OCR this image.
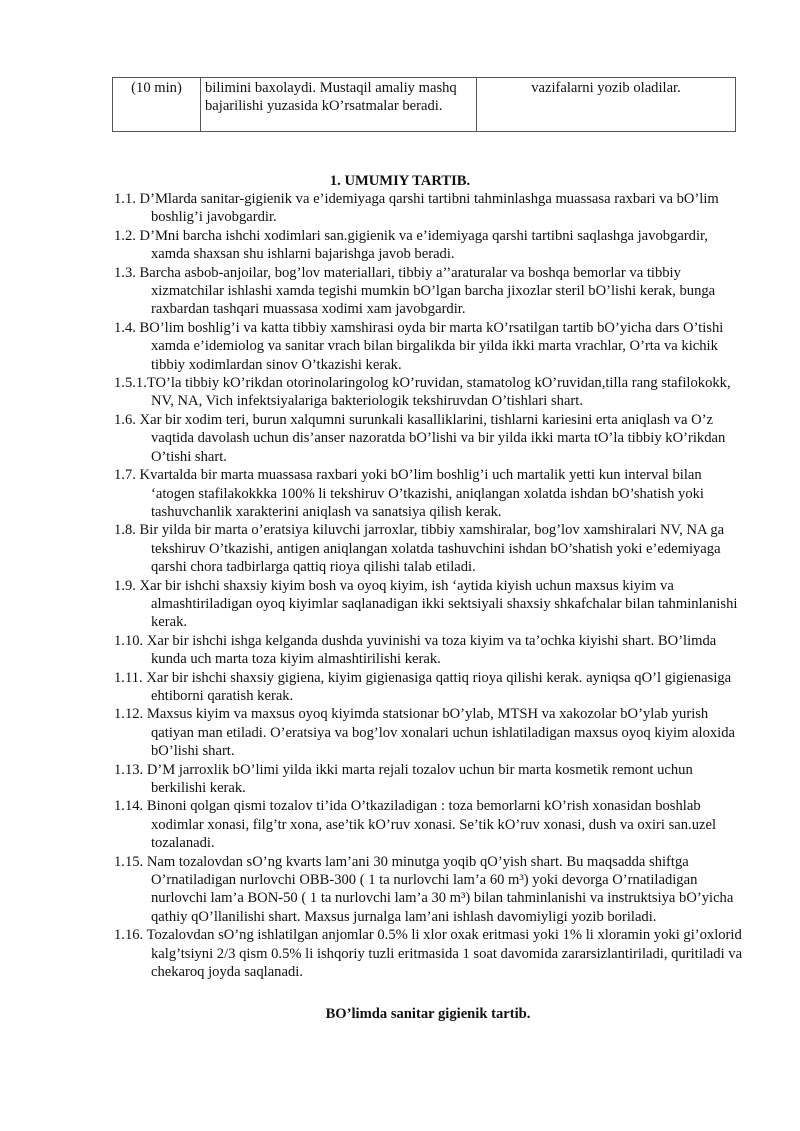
(10 min)	bilimini baxolaydi. Mustaqil amaliy mashq bajarilishi yuzasida kO’rsatmalar beradi.	vazifalarni yozib oladilar.
1. UMUMIY TARTIB.

1.1. D’Mlarda sanitar-gigienik va e’idemiyaga qarshi tartibni tahminlashga muassasa raxbari va bO’lim boshlig’i javobgardir.

1.2. D’Mni barcha ishchi xodimlari san.gigienik va e’idemiyaga qarshi tartibni saqlashga javobgardir, xamda shaxsan shu ishlarni bajarishga javob beradi.

1.3. Barcha asbob-anjoilar, bog’lov materiallari, tibbiy a’’araturalar va boshqa bemorlar va tibbiy xizmatchilar ishlashi xamda tegishi mumkin bO’lgan barcha jixozlar steril bO’lishi kerak, bunga raxbardan tashqari muassasa xodimi xam javobgardir.

1.4. BO’lim boshlig’i va katta tibbiy xamshirasi oyda bir marta kO’rsatilgan tartib bO’yicha dars O’tishi xamda e’idemiolog va sanitar vrach bilan birgalikda bir yilda ikki marta vrachlar, O’rta va kichik tibbiy xodimlardan sinov O’tkazishi kerak.

1.5.1.TO’la tibbiy kO’rikdan otorinolaringolog kO’ruvidan, stamatolog kO’ruvidan,tilla rang stafilokokk, NV, NA, Vich infektsiyalariga bakteriologik tekshiruvdan O’tishlari shart.

1.6. Xar bir xodim teri, burun xalqumni surunkali kasalliklarini, tishlarni kariesini erta aniqlash va O’z vaqtida davolash uchun dis’anser nazoratda bO’lishi va bir yilda ikki marta tO’la tibbiy kO’rikdan O’tishi shart.

1.7. Kvartalda bir marta muassasa raxbari yoki bO’lim boshlig’i uch martalik yetti kun interval bilan ‘atogen stafilakokkka 100% li tekshiruv O’tkazishi, aniqlangan xolatda ishdan bO’shatish yoki tashuvchanlik xarakterini aniqlash va sanatsiya qilish kerak.

1.8. Bir yilda bir marta o’eratsiya kiluvchi jarroxlar, tibbiy xamshiralar, bog’lov xamshiralari NV, NA ga tekshiruv O’tkazishi, antigen aniqlangan xolatda tashuvchini ishdan bO’shatish yoki e’edemiyaga qarshi chora tadbirlarga qattiq rioya qilishi talab etiladi.

1.9. Xar bir ishchi shaxsiy kiyim bosh va oyoq kiyim, ish ‘aytida kiyish uchun maxsus kiyim va almashtiriladigan oyoq kiyimlar saqlanadigan ikki sektsiyali shaxsiy shkafchalar bilan tahminlanishi kerak.

1.10. Xar bir ishchi ishga kelganda dushda yuvinishi va toza kiyim va ta’ochka kiyishi shart. BO’limda kunda uch marta toza kiyim almashtirilishi kerak.

1.11. Xar bir ishchi shaxsiy gigiena, kiyim gigienasiga qattiq rioya qilishi kerak. ayniqsa qO’l gigienasiga ehtiborni qaratish kerak.

1.12. Maxsus kiyim va maxsus oyoq kiyimda statsionar bO’ylab, MTSH va xakozolar bO’ylab yurish qatiyan man etiladi. O’eratsiya va bog’lov xonalari uchun ishlatiladigan maxsus oyoq kiyim aloxida bO’lishi shart.

1.13. D’M jarroxlik bO’limi yilda ikki marta rejali tozalov uchun bir marta kosmetik remont uchun berkilishi kerak.

1.14. Binoni qolgan qismi tozalov ti’ida O’tkaziladigan : toza bemorlarni kO’rish xonasidan boshlab xodimlar xonasi, filg’tr xona, ase’tik kO’ruv xonasi. Se’tik kO’ruv xonasi, dush va oxiri san.uzel tozalanadi.

1.15. Nam tozalovdan sO’ng kvarts lam’ani 30 minutga yoqib qO’yish shart. Bu maqsadda shiftga O’rnatiladigan nurlovchi OBB-300 ( 1 ta nurlovchi lam’a 60 m³) yoki devorga O’rnatiladigan nurlovchi lam’a BON-50 ( 1 ta nurlovchi lam’a 30 m³) bilan tahminlanishi va instruktsiya bO’yicha qathiy qO’llanilishi shart. Maxsus jurnalga lam’ani ishlash davomiyligi yozib boriladi.

1.16. Tozalovdan sO’ng ishlatilgan anjomlar 0.5% li xlor oxak eritmasi yoki 1% li xloramin yoki gi’oxlorid kalg’tsiyni 2/3 qism 0.5% li ishqoriy tuzli eritmasida 1 soat davomida zararsizlantiriladi, quritiladi va chekaroq joyda saqlanadi.

BO’limda sanitar gigienik tartib.
